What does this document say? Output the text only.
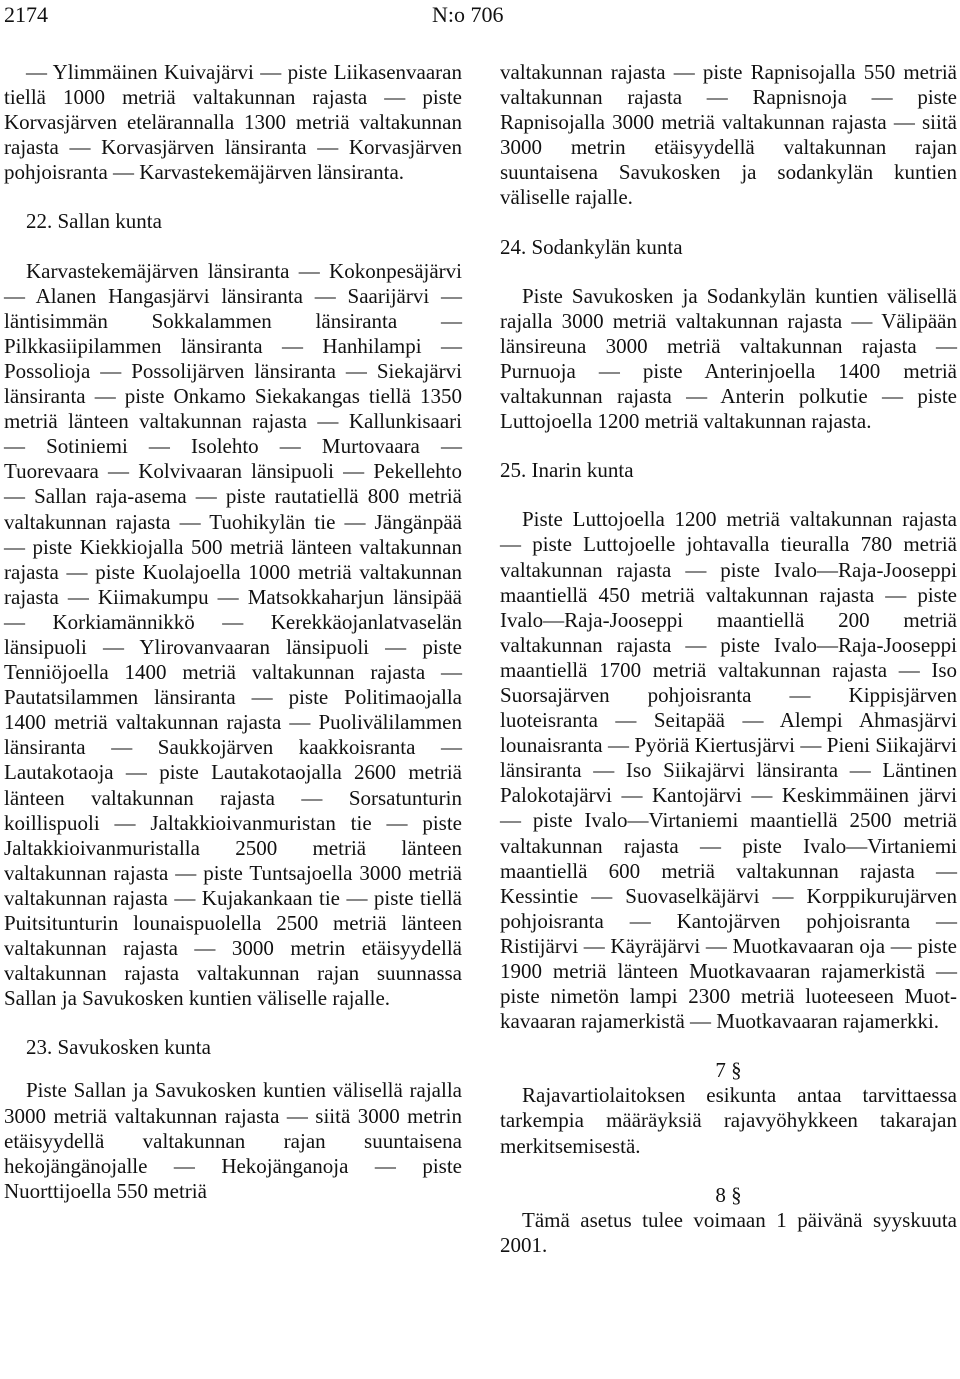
2174	N:o 706

— Ylimmäinen Kuivajärvi — piste Liikasenvaaran tiellä 1000 metriä valtakunnan rajasta — piste Korvasjärven etelärannalla 1300 metriä valtakunnan rajasta — Korvasjärven länsiranta — Korvasjärven pohjoisranta — Karvastekemäjärven länsiranta.

22. Sallan kunta

Karvastekemäjärven länsiranta — Kokonpesäjärvi — Alanen Hangasjärvi länsiranta — Saarijärvi — läntisimmän Sokkalammen länsiranta — Pilkkasiipilammen länsiranta — Hanhilampi — Possolioja — Possolijärven länsiranta — Siekajärvi länsiranta — piste Onkamo Siekakangas tiellä 1350 metriä länteen valtakunnan rajasta — Kallunkisaari — Sotiniemi — Isolehto — Murtovaara — Tuorevaara — Kolvivaaran länsipuoli — Pekellehto — Sallan raja-asema — piste rautatiellä 800 metriä valtakunnan rajasta — Tuohikylän tie — Jängänpää — piste Kiekkiojalla 500 metriä länteen valtakunnan rajasta — piste Kuolajoella 1000 metriä valtakunnan rajasta — Kiimakumpu — Matsokkaharjun länsipää — Korkiamännikkö — Kerekkäojanlatvaselän länsipuoli — Ylirovanvaaran länsipuoli — piste Tenniöjoella 1400 metriä valtakunnan rajasta — Pautatsilammen länsiranta — piste Politimaojalla 1400 metriä valtakunnan rajasta — Puolivälilammen länsiranta — Saukkojärven kaakkoisranta — Lautakotaoja — piste Lautakotaojalla 2600 metriä länteen valtakunnan rajasta — Sorsatunturin koillispuoli — Jaltakkioivanmuristan tie — piste Jaltakkioivanmuristalla 2500 metriä länteen valtakunnan rajasta — piste Tuntsajoella 3000 metriä valtakunnan rajasta — Kujakankaan tie — piste tiellä Puitsitunturin lounaispuolella 2500 metriä länteen valtakunnan rajasta — 3000 metrin etäisyydellä valtakunnan rajasta valtakunnan rajan suunnassa Sallan ja Savukosken kuntien väliselle rajalle.

23. Savukosken kunta

Piste Sallan ja Savukosken kuntien välisellä rajalla 3000 metriä valtakunnan rajasta — siitä 3000 metrin etäisyydellä valtakunnan rajan suuntaisena hekojängänojalle — Hekojänganoja — piste Nuorttijoella 550 metriä

valtakunnan rajasta — piste Rapnisojalla 550 metriä valtakunnan rajasta — Rapnisnoja — piste Rapnisojalla 3000 metriä valtakunnan rajasta — siitä 3000 metrin etäisyydellä valtakunnan rajan suuntaisena Savukosken ja sodankylän kuntien väliselle rajalle.

24. Sodankylän kunta

Piste Savukosken ja Sodankylän kuntien välisellä rajalla 3000 metriä valtakunnan rajasta — Välipään länsireuna 3000 metriä valtakunnan rajasta — Purnuoja — piste Anterinjoella 1400 metriä valtakunnan rajasta — Anterin polkutie — piste Luttojoella 1200 metriä valtakunnan rajasta.

25. Inarin kunta

Piste Luttojoella 1200 metriä valtakunnan rajasta — piste Luttojoelle johtavalla tieuralla 780 metriä valtakunnan rajasta — piste Ivalo—Raja-Jooseppi maantiellä 450 metriä valtakunnan rajasta — piste Ivalo—Raja-Jooseppi maantiellä 200 metriä valtakunnan rajasta — piste Ivalo—Raja-Jooseppi maantiellä 1700 metriä valtakunnan rajasta — Iso Suorsajärven pohjoisranta — Kippisjärven luoteisranta — Seitapää — Alempi Ahmasjärvi lounaisranta — Pyöriä Kiertusjärvi — Pieni Siikajärvi länsiranta — Iso Siikajärvi länsiranta — Läntinen Palokotajärvi — Kantojärvi — Keskimmäinen järvi — piste Ivalo—Virtaniemi maantiellä 2500 metriä valtakunnan rajasta — piste Ivalo—Virtaniemi maantiellä 600 metriä valtakunnan rajasta — Kessintie — Suovaselkäjärvi — Korppikurujärven pohjoisranta — Kantojärven pohjoisranta — Ristijärvi — Käyräjärvi — Muotkavaaran oja — piste 1900 metriä länteen Muotkavaaran rajamerkistä — piste nimetön lampi 2300 metriä luoteeseen Muotkavaaran rajamerkistä — Muotkavaaran rajamerkki.

7 §

Rajavartiolaitoksen esikunta antaa tarvittaessa tarkempia määräyksiä rajavyöhykkeen takarajan merkitsemisestä.

8 §

Tämä asetus tulee voimaan 1 päivänä syyskuuta 2001.
